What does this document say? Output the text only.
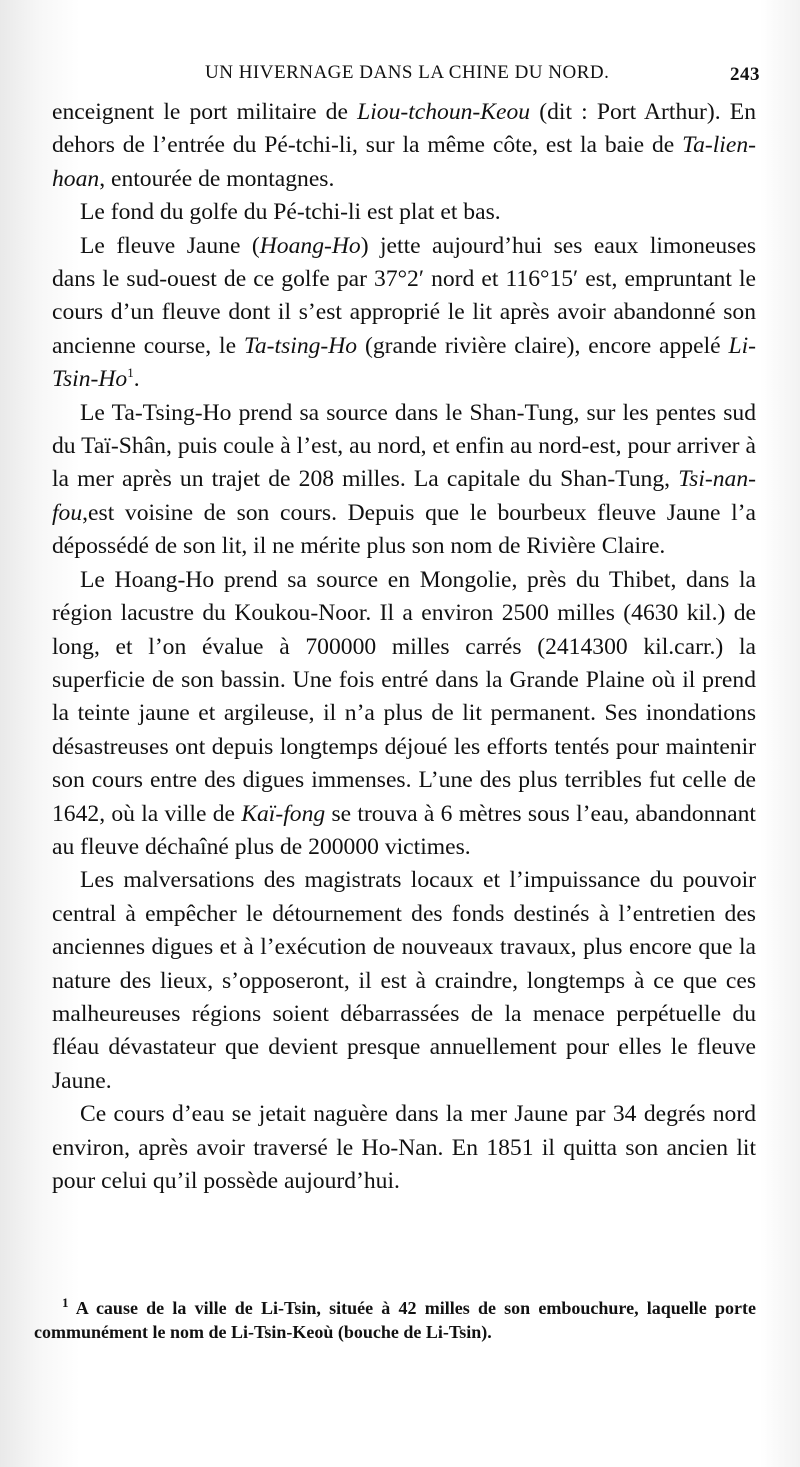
UN HIVERNAGE DANS LA CHINE DU NORD.	243

enceignent le port militaire de Liou-tchoun-Keou (dit : Port Arthur). En dehors de l’entrée du Pé-tchi-li, sur la même côte, est la baie de Ta-lien-hoan, entourée de montagnes.

Le fond du golfe du Pé-tchi-li est plat et bas.

Le fleuve Jaune (Hoang-Ho) jette aujourd’hui ses eaux limoneuses dans le sud-ouest de ce golfe par 37°2′ nord et 116°15′ est, empruntant le cours d’un fleuve dont il s’est approprié le lit après avoir abandonné son ancienne course, le Ta-tsing-Ho (grande rivière claire), encore appelé Li-Tsin-Ho$^1$.

Le Ta-Tsing-Ho prend sa source dans le Shan-Tung, sur les pentes sud du Taï-Shân, puis coule à l’est, au nord, et enfin au nord-est, pour arriver à la mer après un trajet de 208 milles. La capitale du Shan-Tung, Tsi-nan-fou,est voisine de son cours. Depuis que le bourbeux fleuve Jaune l’a dépossédé de son lit, il ne mérite plus son nom de Rivière Claire.

Le Hoang-Ho prend sa source en Mongolie, près du Thibet, dans la région lacustre du Koukou-Noor. Il a environ 2500 milles (4630 kil.) de long, et l’on évalue à 700000 milles carrés (2414300 kil.carr.) la superficie de son bassin. Une fois entré dans la Grande Plaine où il prend la teinte jaune et argileuse, il n’a plus de lit permanent. Ses inondations désastreuses ont depuis longtemps déjoué les efforts tentés pour maintenir son cours entre des digues immenses. L’une des plus terribles fut celle de 1642, où la ville de Kaï-fong se trouva à 6 mètres sous l’eau, abandonnant au fleuve déchaîné plus de 200000 victimes.

Les malversations des magistrats locaux et l’impuissance du pouvoir central à empêcher le détournement des fonds destinés à l’entretien des anciennes digues et à l’exécution de nouveaux travaux, plus encore que la nature des lieux, s’opposeront, il est à craindre, longtemps à ce que ces malheureuses régions soient débarrassées de la menace perpétuelle du fléau dévastateur que devient presque annuellement pour elles le fleuve Jaune.

Ce cours d’eau se jetait naguère dans la mer Jaune par 34 degrés nord environ, après avoir traversé le Ho-Nan. En 1851 il quitta son ancien lit pour celui qu’il possède aujourd’hui.

$^1$ A cause de la ville de Li-Tsin, située à 42 milles de son embouchure, laquelle porte communément le nom de Li-Tsin-Keoù (bouche de Li-Tsin).
